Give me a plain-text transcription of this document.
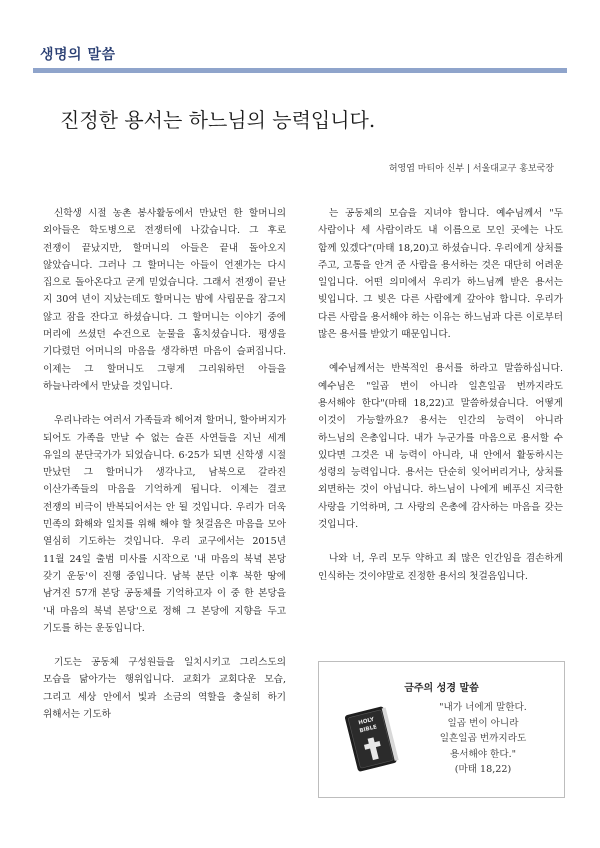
생명의 말씀
진정한 용서는 하느님의 능력입니다.
허영엽 마티아 신부 | 서울대교구 홍보국장

신학생 시절 농촌 봉사활동에서 만났던 한 할머니의 외아들은 학도병으로 전쟁터에 나갔습니다. 그 후로 전쟁이 끝났지만, 할머니의 아들은 끝내 돌아오지 않았습니다. 그러나 그 할머니는 아들이 언젠가는 다시 집으로 돌아온다고 굳게 믿었습니다. 그래서 전쟁이 끝난 지 30여 년이 지났는데도 할머니는 밤에 사립문을 잠그지 않고 잠을 잔다고 하셨습니다. 그 할머니는 이야기 중에 머리에 쓰셨던 수건으로 눈물을 훔치셨습니다. 평생을 기다렸던 어머니의 마음을 생각하면 마음이 슬퍼집니다. 이제는 그 할머니도 그렇게 그리워하던 아들을 하늘나라에서 만났을 것입니다.

우리나라는 여러서 가족들과 헤어져 할머니, 할아버지가 되어도 가족을 만날 수 없는 슬픈 사연들을 지닌 세계 유일의 분단국가가 되었습니다. 6·25가 되면 신학생 시절 만났던 그 할머니가 생각나고, 남북으로 갈라진 이산가족들의 마음을 기억하게 됩니다. 이제는 결코 전쟁의 비극이 반복되어서는 안 될 것입니다. 우리가 더욱 민족의 화해와 일치를 위해 해야 할 첫걸음은 마음을 모아 열심히 기도하는 것입니다. 우리 교구에서는 2015년 11월 24일 출범 미사를 시작으로 '내 마음의 북녘 본당 갖기 운동'이 진행 중입니다. 남북 분단 이후 북한 땅에 남겨진 57개 본당 공동체를 기억하고자 이 중 한 본당을 '내 마음의 북녘 본당'으로 정해 그 본당에 지향을 두고 기도를 하는 운동입니다.

기도는 공동체 구성원들을 일치시키고 그리스도의 모습을 닮아가는 행위입니다. 교회가 교회다운 모습, 그리고 세상 안에서 빛과 소금의 역할을 충실히 하기 위해서는 기도하

는 공동체의 모습을 지녀야 합니다. 예수님께서 "두 사람이나 세 사람이라도 내 이름으로 모인 곳에는 나도 함께 있겠다"(마태 18,20)고 하셨습니다. 우리에게 상처를 주고, 고통을 안겨 준 사람을 용서하는 것은 대단히 어려운 일입니다. 어떤 의미에서 우리가 하느님께 받은 용서는 빚입니다. 그 빚은 다른 사람에게 갚아야 합니다. 우리가 다른 사람을 용서해야 하는 이유는 하느님과 다른 이로부터 많은 용서를 받았기 때문입니다.

예수님께서는 반복적인 용서를 하라고 말씀하십니다. 예수님은 "일곱 번이 아니라 일흔일곱 번까지라도 용서해야 한다"(마태 18,22)고 말씀하셨습니다. 어떻게 이것이 가능할까요? 용서는 인간의 능력이 아니라 하느님의 은총입니다. 내가 누군가를 마음으로 용서할 수 있다면 그것은 내 능력이 아니라, 내 안에서 활동하시는 성령의 능력입니다. 용서는 단순히 잊어버리거나, 상처를 외면하는 것이 아닙니다. 하느님이 나에게 베푸신 지극한 사랑을 기억하며, 그 사랑의 은총에 감사하는 마음을 갖는 것입니다.

나와 너, 우리 모두 약하고 죄 많은 인간임을 겸손하게 인식하는 것이야말로 진정한 용서의 첫걸음입니다.

금주의 성경 말씀
HOLY
BIBLE
"내가 너에게 말한다.
일곱 번이 아니라
일흔일곱 번까지라도
용서해야 한다."
(마태 18,22)
